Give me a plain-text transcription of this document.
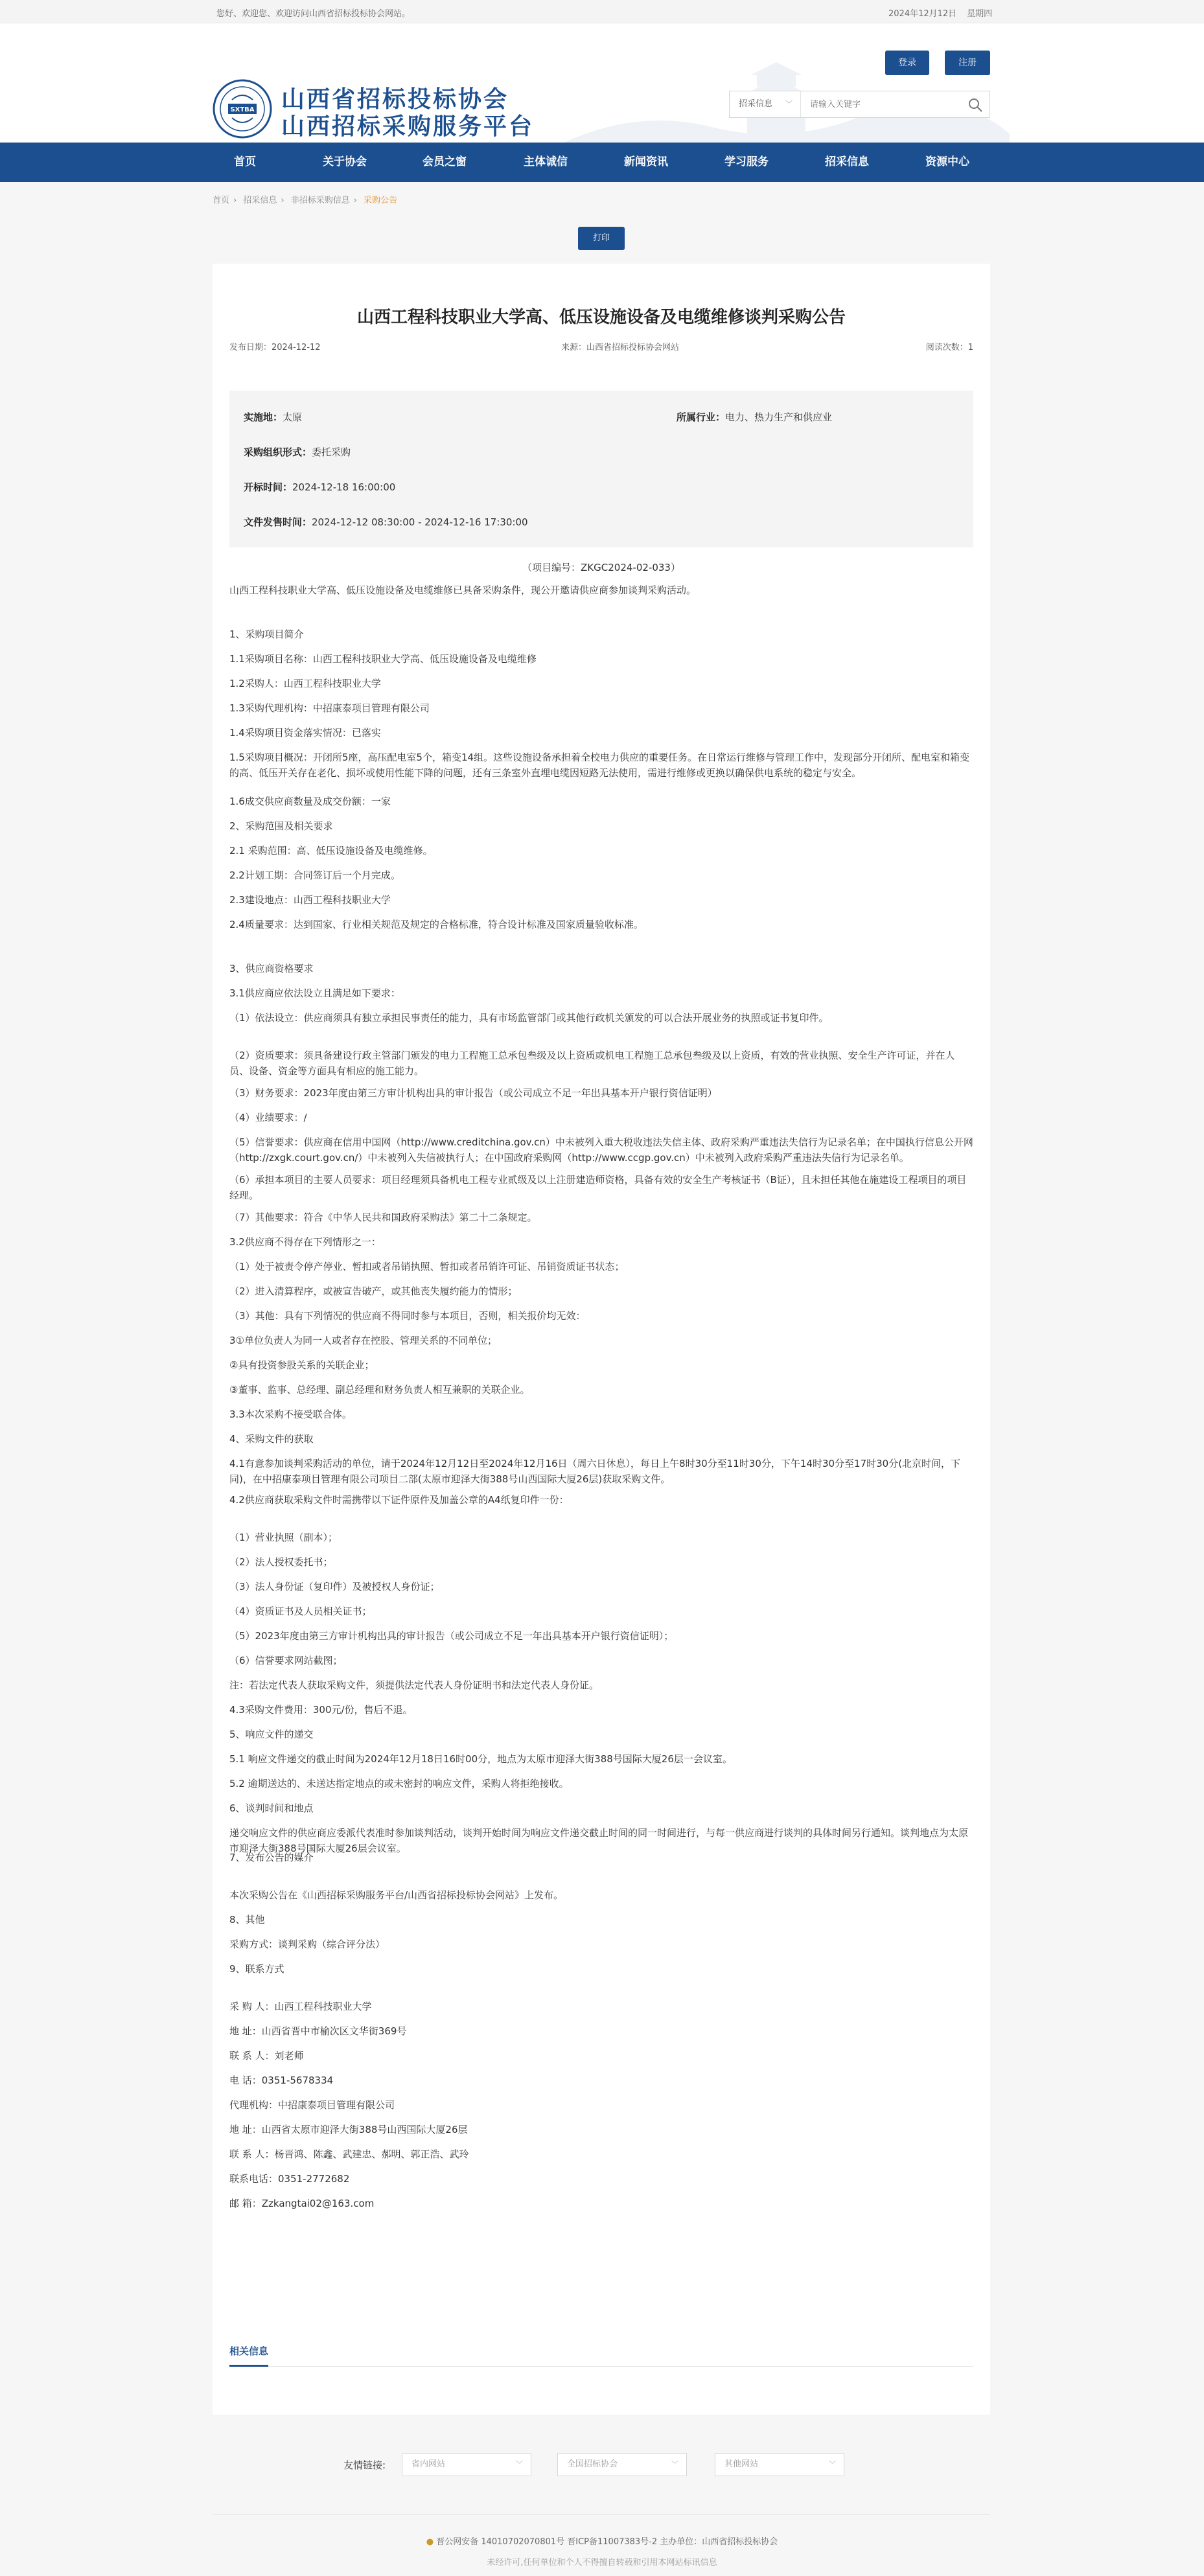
您好、欢迎您、欢迎访问山西省招标投标协会网站。	2024年12月12日 星期四
SXTBA 山西省招标投标协会
山西招标采购服务平台
登录	注册
招采信息 ﹀
请输入关键字
首页	关于协会	会员之窗	主体诚信	新闻资讯	学习服务	招采信息	资源中心
首页 › 招采信息 › 非招标采购信息 › 采购公告
打印
山西工程科技职业大学高、低压设施设备及电缆维修谈判采购公告
发布日期：2024-12-12	来源：山西省招标投标协会网站	阅读次数：1
实施地：太原	所属行业：电力、热力生产和供应业
采购组织形式：委托采购
开标时间：2024-12-18 16:00:00
文件发售时间：2024-12-12 08:30:00 - 2024-12-16 17:30:00
（项目编号：ZKGC2024-02-033）
山西工程科技职业大学高、低压设施设备及电缆维修已具备采购条件，现公开邀请供应商参加谈判采购活动。
1、采购项目简介
1.1采购项目名称：山西工程科技职业大学高、低压设施设备及电缆维修
1.2采购人：山西工程科技职业大学
1.3采购代理机构：中招康泰项目管理有限公司
1.4采购项目资金落实情况：已落实
1.5采购项目概况：开闭所5座，高压配电室5个，箱变14组。这些设施设备承担着全校电力供应的重要任务。在日常运行维修与管理工作中，发现部分开闭所、配电室和箱变的高、低压开关存在老化、损坏或使用性能下降的问题，还有三条室外直埋电缆因短路无法使用，需进行维修或更换以确保供电系统的稳定与安全。
1.6成交供应商数量及成交份额：一家
2、采购范围及相关要求
2.1 采购范围：高、低压设施设备及电缆维修。
2.2计划工期：合同签订后一个月完成。
2.3建设地点：山西工程科技职业大学
2.4质量要求：达到国家、行业相关规范及规定的合格标准，符合设计标准及国家质量验收标准。
3、供应商资格要求
3.1供应商应依法设立且满足如下要求：
（1）依法设立：供应商须具有独立承担民事责任的能力，具有市场监管部门或其他行政机关颁发的可以合法开展业务的执照或证书复印件。
（2）资质要求：须具备建设行政主管部门颁发的电力工程施工总承包叁级及以上资质或机电工程施工总承包叁级及以上资质，有效的营业执照、安全生产许可证，并在人员、设备、资金等方面具有相应的施工能力。
（3）财务要求：2023年度由第三方审计机构出具的审计报告（或公司成立不足一年出具基本开户银行资信证明）
（4）业绩要求：/
（5）信誉要求：供应商在信用中国网（http://www.creditchina.gov.cn）中未被列入重大税收违法失信主体、政府采购严重违法失信行为记录名单；在中国执行信息公开网（http://zxgk.court.gov.cn/）中未被列入失信被执行人；在中国政府采购网（http://www.ccgp.gov.cn）中未被列入政府采购严重违法失信行为记录名单。
（6）承担本项目的主要人员要求：项目经理须具备机电工程专业贰级及以上注册建造师资格，具备有效的安全生产考核证书（B证），且未担任其他在施建设工程项目的项目经理。
（7）其他要求：符合《中华人民共和国政府采购法》第二十二条规定。
3.2供应商不得存在下列情形之一：
（1）处于被责令停产停业、暂扣或者吊销执照、暂扣或者吊销许可证、吊销资质证书状态；
（2）进入清算程序，或被宣告破产，或其他丧失履约能力的情形；
（3）其他：具有下列情况的供应商不得同时参与本项目，否则，相关报价均无效：
3①单位负责人为同一人或者存在控股、管理关系的不同单位；
②具有投资参股关系的关联企业；
③董事、监事、总经理、副总经理和财务负责人相互兼职的关联企业。
3.3本次采购不接受联合体。
4、采购文件的获取
4.1有意参加谈判采购活动的单位，请于2024年12月12日至2024年12月16日（周六日休息），每日上午8时30分至11时30分，下午14时30分至17时30分(北京时间，下同)，在中招康泰项目管理有限公司项目二部(太原市迎泽大街388号山西国际大厦26层)获取采购文件。
4.2供应商获取采购文件时需携带以下证件原件及加盖公章的A4纸复印件一份：
（1）营业执照（副本）；
（2）法人授权委托书；
（3）法人身份证（复印件）及被授权人身份证；
（4）资质证书及人员相关证书；
（5）2023年度由第三方审计机构出具的审计报告（或公司成立不足一年出具基本开户银行资信证明）；
（6）信誉要求网站截图；
注：若法定代表人获取采购文件，须提供法定代表人身份证明书和法定代表人身份证。
4.3采购文件费用：300元/份，售后不退。
5、响应文件的递交
5.1 响应文件递交的截止时间为2024年12月18日16时00分，地点为太原市迎泽大街388号国际大厦26层一会议室。
5.2 逾期送达的、未送达指定地点的或未密封的响应文件，采购人将拒绝接收。
6、谈判时间和地点
递交响应文件的供应商应委派代表准时参加谈判活动，谈判开始时间为响应文件递交截止时间的同一时间进行，与每一供应商进行谈判的具体时间另行通知。谈判地点为太原市迎泽大街388号国际大厦26层会议室。
7、发布公告的媒介
本次采购公告在《山西招标采购服务平台/山西省招标投标协会网站》上发布。
8、其他
采购方式：谈判采购（综合评分法）
9、联系方式
采 购 人：山西工程科技职业大学
地 址：山西省晋中市榆次区文华街369号
联 系 人：刘老师
电 话：0351-5678334
代理机构：中招康泰项目管理有限公司
地 址：山西省太原市迎泽大街388号山西国际大厦26层
联 系 人：杨晋鸿、陈鑫、武建忠、郝明、郭正浩、武玲
联系电话：0351-2772682
邮 箱：Zzkangtai02@163.com
相关信息
友情链接:	省内网站	﹀	全国招标协会	﹀	其他网站	﹀
● 晋公网安备 14010702070801号 晋ICP备11007383号-2 主办单位：山西省招标投标协会
未经许可,任何单位和个人不得擅自转载和引用本网站标讯信息
